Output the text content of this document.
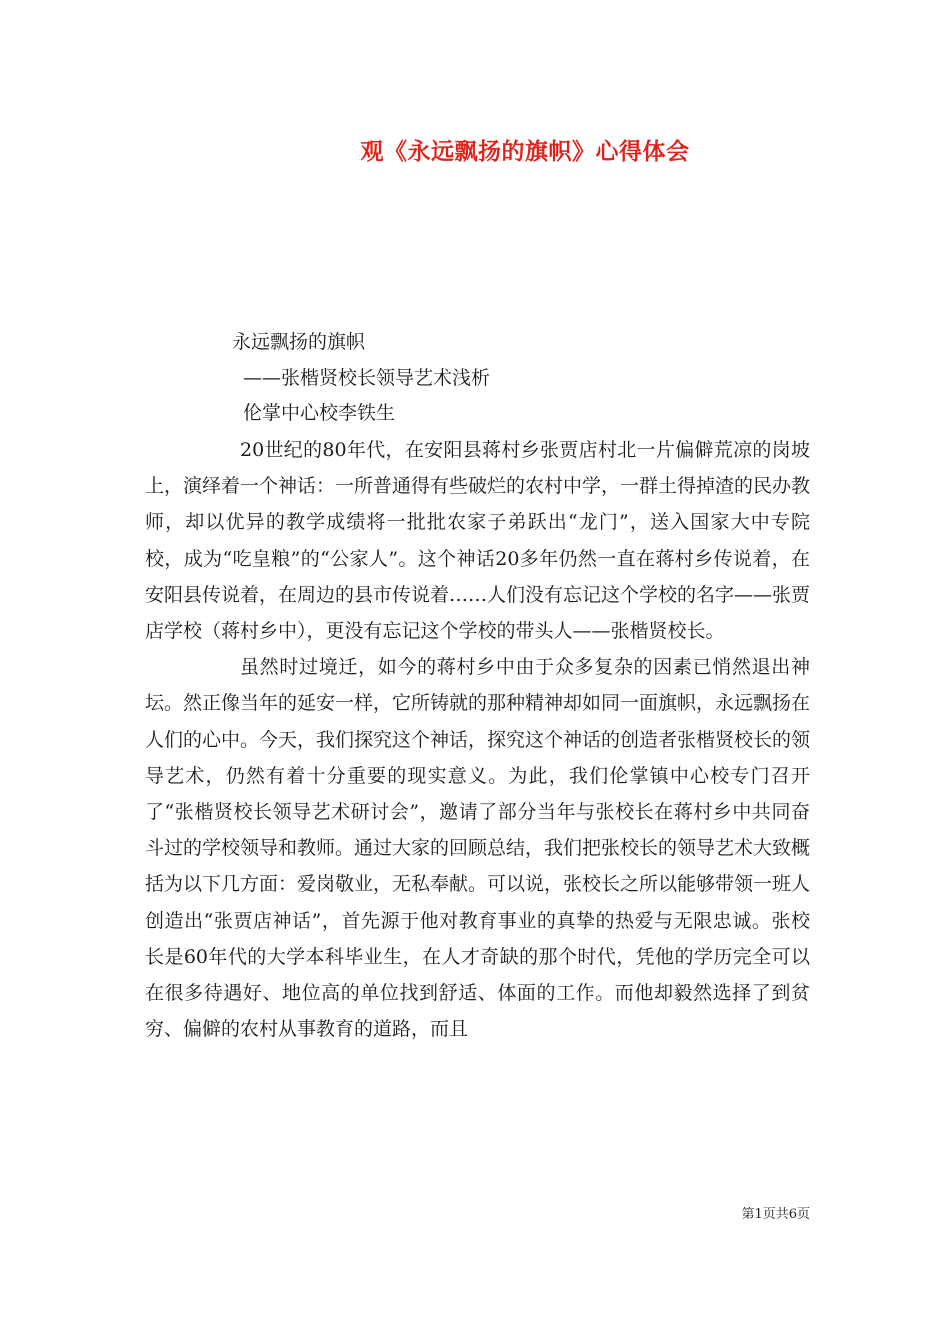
观《永远飘扬的旗帜》心得体会
永远飘扬的旗帜
——张楷贤校长领导艺术浅析
伦掌中心校李铁生

20世纪的80年代，在安阳县蒋村乡张贾店村北一片偏僻荒凉的岗坡上，演绎着一个神话：一所普通得有些破烂的农村中学，一群土得掉渣的民办教师，却以优异的教学成绩将一批批农家子弟跃出“龙门”，送入国家大中专院校，成为“吃皇粮”的“公家人”。这个神话20多年仍然一直在蒋村乡传说着，在安阳县传说着，在周边的县市传说着……人们没有忘记这个学校的名字——张贾店学校（蒋村乡中），更没有忘记这个学校的带头人——张楷贤校长。

虽然时过境迁，如今的蒋村乡中由于众多复杂的因素已悄然退出神坛。然正像当年的延安一样，它所铸就的那种精神却如同一面旗帜，永远飘扬在人们的心中。今天，我们探究这个神话，探究这个神话的创造者张楷贤校长的领导艺术，仍然有着十分重要的现实意义。为此，我们伦掌镇中心校专门召开了“张楷贤校长领导艺术研讨会”，邀请了部分当年与张校长在蒋村乡中共同奋斗过的学校领导和教师。通过大家的回顾总结，我们把张校长的领导艺术大致概括为以下几方面：爱岗敬业，无私奉献。可以说，张校长之所以能够带领一班人创造出“张贾店神话”，首先源于他对教育事业的真挚的热爱与无限忠诚。张校长是60年代的大学本科毕业生，在人才奇缺的那个时代，凭他的学历完全可以在很多待遇好、地位高的单位找到舒适、体面的工作。而他却毅然选择了到贫穷、偏僻的农村从事教育的道路，而且

第1页共6页
